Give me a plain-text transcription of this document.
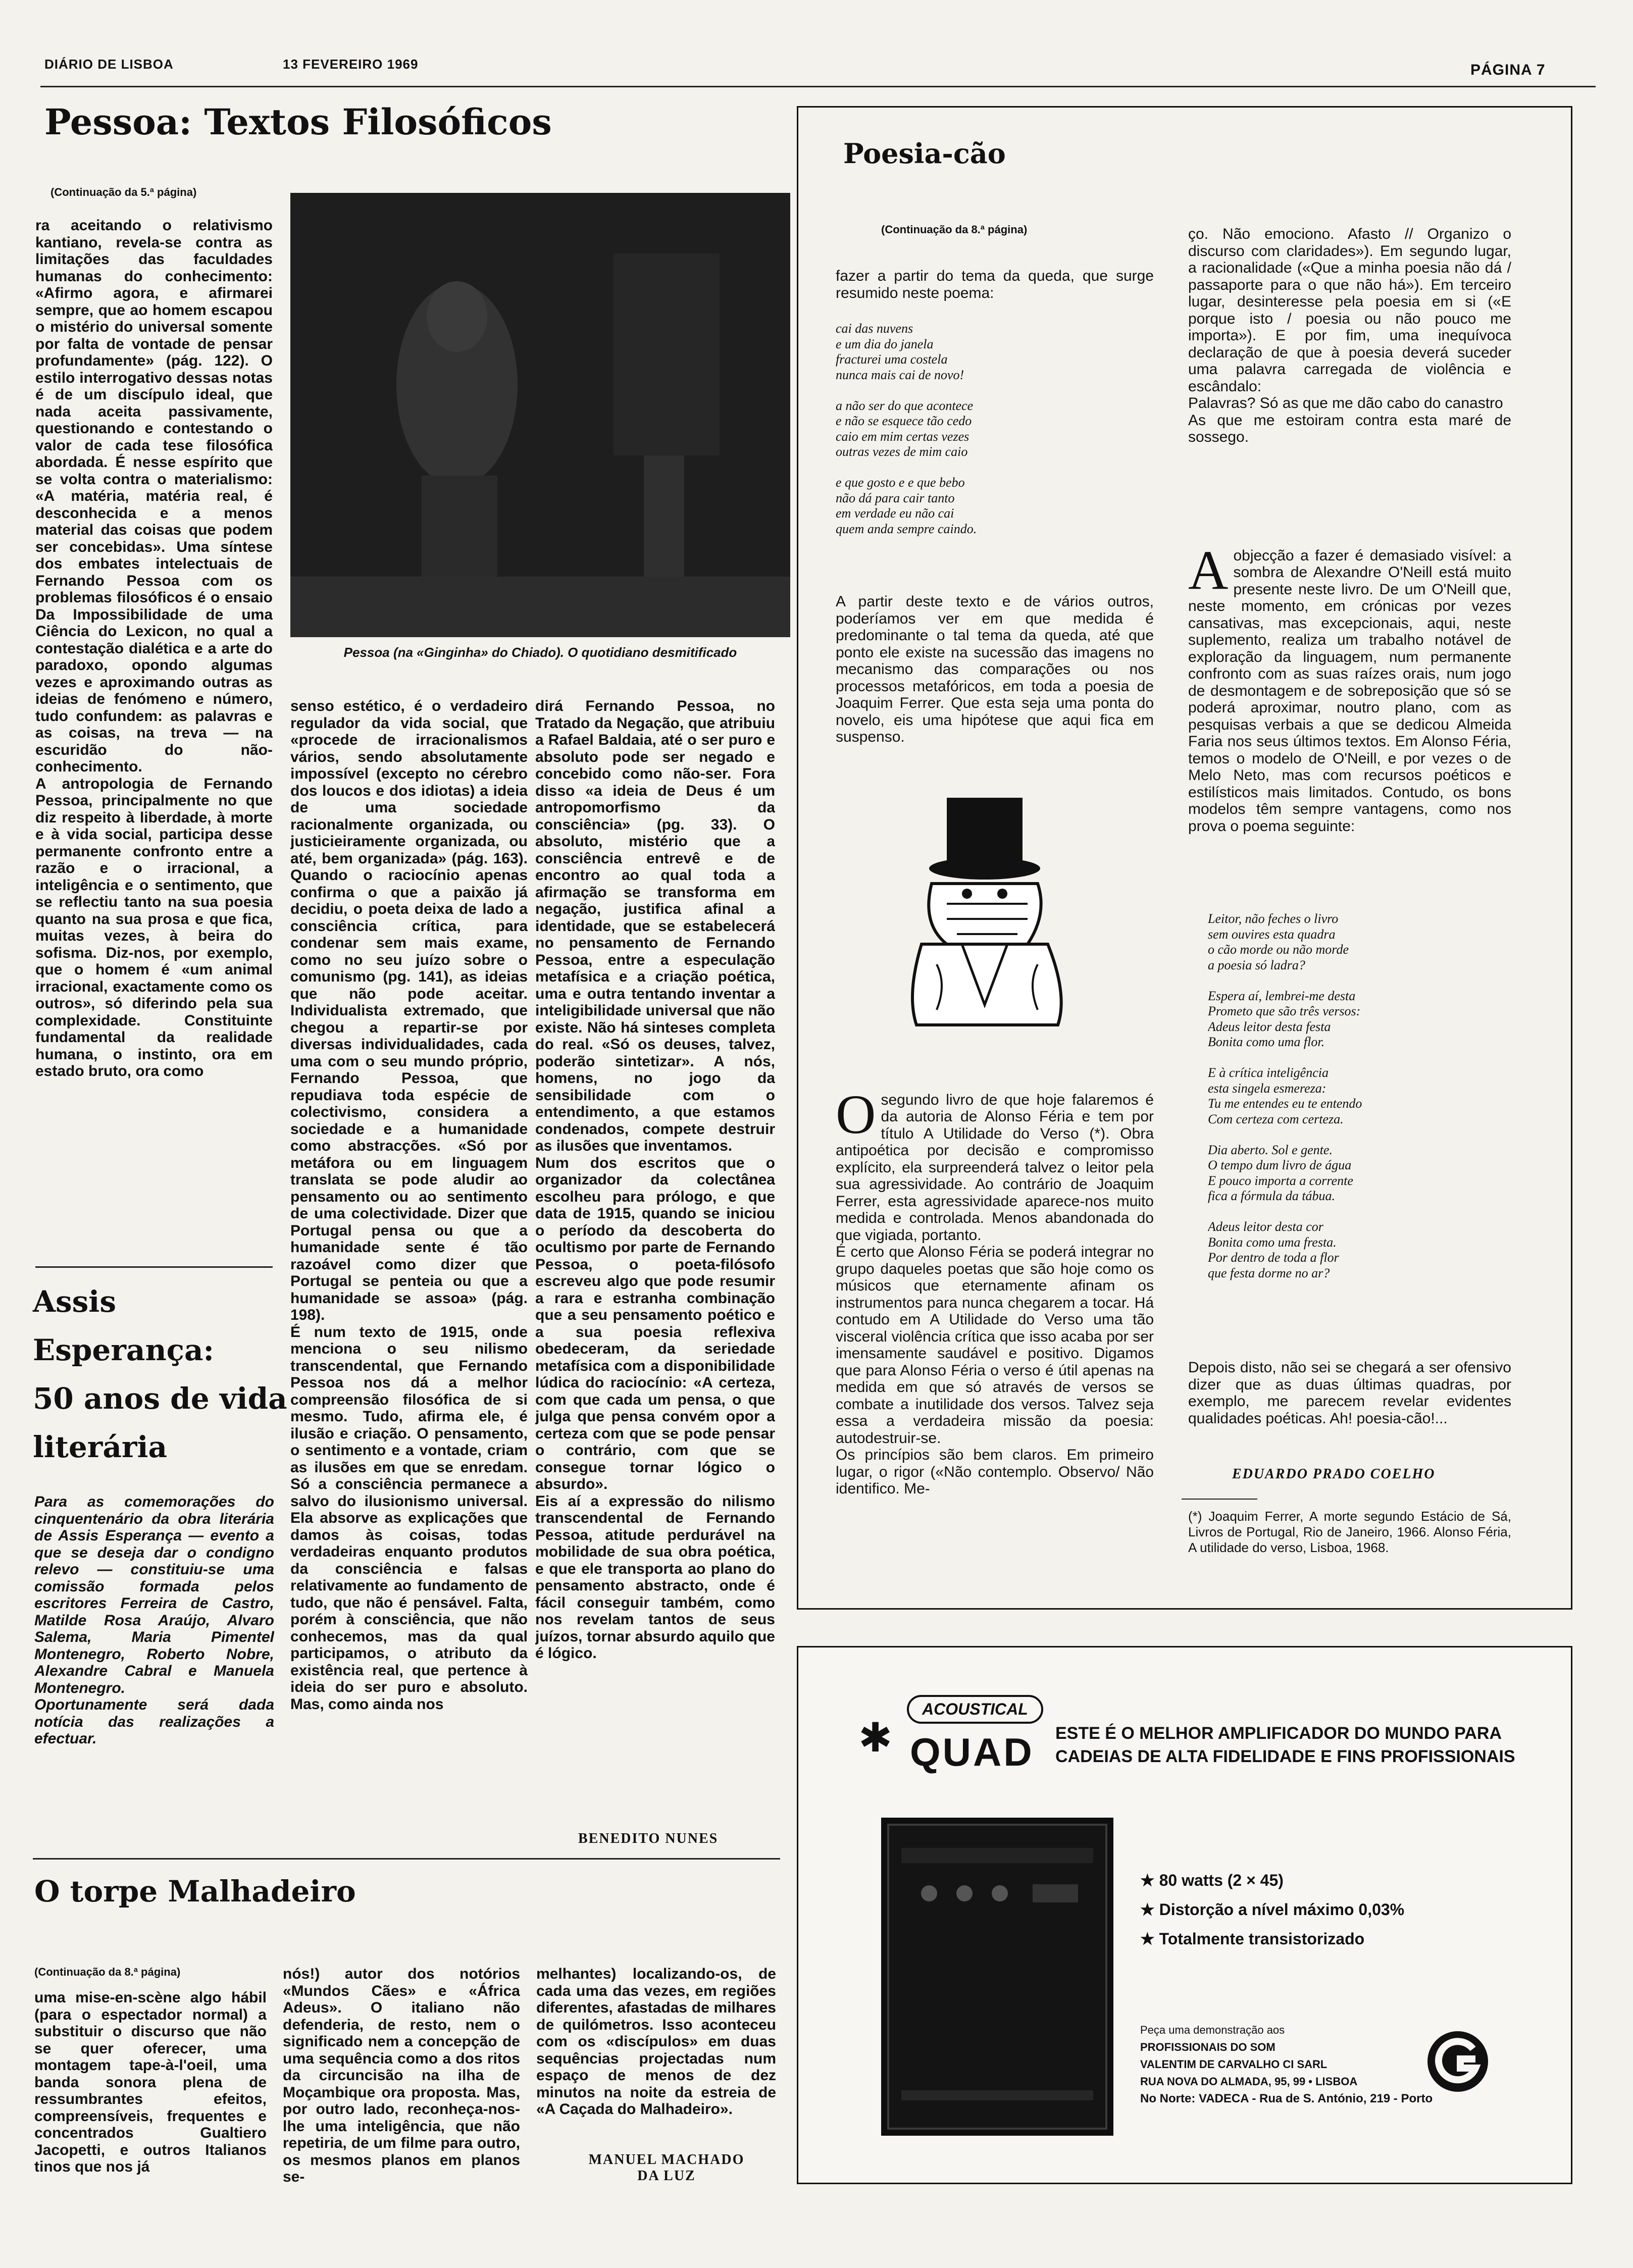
DIÁRIO DE LISBOA	13 FEVEREIRO 1969	PÁGINA 7
Pessoa: Textos Filosóficos
(Continuação da 5.ª página)
ra aceitando o relativismo kantiano, revela-se contra as limitações das faculdades humanas do conhecimento: «Afirmo agora, e afirmarei sempre, que ao homem escapou o mistério do universal somente por falta de vontade de pensar profundamente» (pág. 122). O estilo interrogativo dessas notas é de um discípulo ideal, que nada aceita passivamente, questionando e contestando o valor de cada tese filosófica abordada. É nesse espírito que se volta contra o materialismo: «A matéria, matéria real, é desconhecida e a menos material das coisas que podem ser concebidas». Uma síntese dos embates intelectuais de Fernando Pessoa com os problemas filosóficos é o ensaio Da Impossibilidade de uma Ciência do Lexicon, no qual a contestação dialética e a arte do paradoxo, opondo algumas vezes e aproximando outras as ideias de fenómeno e número, tudo confundem: as palavras e as coisas, na treva — na escuridão do não-conhecimento.
A antropologia de Fernando Pessoa, principalmente no que diz respeito à liberdade, à morte e à vida social, participa desse permanente confronto entre a razão e o irracional, a inteligência e o sentimento, que se reflectiu tanto na sua poesia quanto na sua prosa e que fica, muitas vezes, à beira do sofisma. Diz-nos, por exemplo, que o homem é «um animal irracional, exactamente como os outros», só diferindo pela sua complexidade. Constituinte fundamental da realidade humana, o instinto, ora em estado bruto, ora como
Pessoa (na «Ginginha» do Chiado). O quotidiano desmitificado
senso estético, é o verdadeiro regulador da vida social, que «procede de irracionalismos vários, sendo absolutamente impossível (excepto no cérebro dos loucos e dos idiotas) a ideia de uma sociedade racionalmente organizada, ou justicieiramente organizada, ou até, bem organizada» (pág. 163). Quando o raciocínio apenas confirma o que a paixão já decidiu, o poeta deixa de lado a consciência crítica, para condenar sem mais exame, como no seu juízo sobre o comunismo (pg. 141), as ideias que não pode aceitar. Individualista extremado, que chegou a repartir-se por diversas individualidades, cada uma com o seu mundo próprio, Fernando Pessoa, que repudiava toda espécie de colectivismo, considera a sociedade e a humanidade como abstracções. «Só por metáfora ou em linguagem translata se pode aludir ao pensamento ou ao sentimento de uma colectividade. Dizer que Portugal pensa ou que a humanidade sente é tão razoável como dizer que Portugal se penteia ou que a humanidade se assoa» (pág. 198).
É num texto de 1915, onde menciona o seu nilismo transcendental, que Fernando Pessoa nos dá a melhor compreensão filosófica de si mesmo. Tudo, afirma ele, é ilusão e criação. O pensamento, o sentimento e a vontade, criam as ilusões em que se enredam. Só a consciência permanece a salvo do ilusionismo universal. Ela absorve as explicações que damos às coisas, todas verdadeiras enquanto produtos da consciência e falsas relativamente ao fundamento de tudo, que não é pensável. Falta, porém à consciência, que não conhecemos, mas da qual participamos, o atributo da existência real, que pertence à ideia do ser puro e absoluto. Mas, como ainda nos
dirá Fernando Pessoa, no Tratado da Negação, que atribuiu a Rafael Baldaia, até o ser puro e absoluto pode ser negado e concebido como não-ser. Fora disso «a ideia de Deus é um antropomorfismo da consciência» (pg. 33). O absoluto, mistério que a consciência entrevê e de encontro ao qual toda a afirmação se transforma em negação, justifica afinal a identidade, que se estabelecerá no pensamento de Fernando Pessoa, entre a especulação metafísica e a criação poética, uma e outra tentando inventar a inteligibilidade universal que não existe. Não há sinteses completa do real. «Só os deuses, talvez, poderão sintetizar». A nós, homens, no jogo da sensibilidade com o entendimento, a que estamos condenados, compete destruir as ilusões que inventamos.
Num dos escritos que o organizador da colectânea escolheu para prólogo, e que data de 1915, quando se iniciou o período da descoberta do ocultismo por parte de Fernando Pessoa, o poeta-filósofo escreveu algo que pode resumir a rara e estranha combinação que a seu pensamento poético e a sua poesia reflexiva obedeceram, da seriedade metafísica com a disponibilidade lúdica do raciocínio: «A certeza, com que cada um pensa, o que julga que pensa convém opor a certeza com que se pode pensar o contrário, com que se consegue tornar lógico o absurdo».
Eis aí a expressão do nilismo transcendental de Fernando Pessoa, atitude perdurável na mobilidade de sua obra poética, e que ele transporta ao plano do pensamento abstracto, onde é fácil conseguir também, como nos revelam tantos de seus juízos, tornar absurdo aquilo que é lógico.
BENEDITO NUNES
Assis
Esperança:
50 anos de vida
literária
Para as comemorações do cinquentenário da obra literária de Assis Esperança — evento a que se deseja dar o condigno relevo — constituiu-se uma comissão formada pelos escritores Ferreira de Castro, Matilde Rosa Araújo, Alvaro Salema, Maria Pimentel Montenegro, Roberto Nobre, Alexandre Cabral e Manuela Montenegro.
Oportunamente será dada notícia das realizações a efectuar.
O torpe Malhadeiro
(Continuação da 8.ª página)
uma mise-en-scène algo hábil (para o espectador normal) a substituir o discurso que não se quer oferecer, uma montagem tape-à-l'oeil, uma banda sonora plena de ressumbrantes efeitos, compreensíveis, frequentes e concentrados Gualtiero Jacopetti, e outros Italianos tinos que nos já
nós!) autor dos notórios «Mundos Cães» e «África Adeus». O italiano não defenderia, de resto, nem o significado nem a concepção de uma sequência como a dos ritos da circuncisão na ilha de Moçambique ora proposta. Mas, por outro lado, reconheça-nos-lhe uma inteligência, que não repetiria, de um filme para outro, os mesmos planos em planos se-
melhantes) localizando-os, de cada uma das vezes, em regiões diferentes, afastadas de milhares de quilómetros. Isso aconteceu com os «discípulos» em duas sequências projectadas num espaço de menos de dez minutos na noite da estreia de «A Caçada do Malhadeiro».
MANUEL MACHADO
DA LUZ
Poesia-cão
(Continuação da 8.ª página)
fazer a partir do tema da queda, que surge resumido neste poema:
cai das nuvens
e um dia do janela
fracturei uma costela
nunca mais cai de novo!

a não ser do que acontece
e não se esquece tão cedo
caio em mim certas vezes
outras vezes de mim caio

e que gosto e e que bebo
não dá para cair tanto
em verdade eu não cai
quem anda sempre caindo.
A partir deste texto e de vários outros, poderíamos ver em que medida é predominante o tal tema da queda, até que ponto ele existe na sucessão das imagens no mecanismo das comparações ou nos processos metafóricos, em toda a poesia de Joaquim Ferrer. Que esta seja uma ponta do novelo, eis uma hipótese que aqui fica em suspenso.

Osegundo livro de que hoje falaremos é da autoria de Alonso Féria e tem por título A Utilidade do Verso (*). Obra antipoética por decisão e compromisso explícito, ela surpreenderá talvez o leitor pela sua agressividade. Ao contrário de Joaquim Ferrer, esta agressividade aparece-nos muito medida e controlada. Menos abandonada do que vigiada, portanto.
É certo que Alonso Féria se poderá integrar no grupo daqueles poetas que são hoje como os músicos que eternamente afinam os instrumentos para nunca chegarem a tocar. Há contudo em A Utilidade do Verso uma tão visceral violência crítica que isso acaba por ser imensamente saudável e positivo. Digamos que para Alonso Féria o verso é útil apenas na medida em que só através de versos se combate a inutilidade dos versos. Talvez seja essa a verdadeira missão da poesia: autodestruir-se.
Os princípios são bem claros. Em primeiro lugar, o rigor («Não contemplo. Observo/ Não identifico. Me-

ço. Não emociono. Afasto // Organizo o discurso com claridades»). Em segundo lugar, a racionalidade («Que a minha poesia não dá / passaporte para o que não há»). Em terceiro lugar, desinteresse pela poesia em si («E porque isto / poesia ou não pouco me importa»). E por fim, uma inequívoca declaração de que à poesia deverá suceder uma palavra carregada de violência e escândalo:
Palavras? Só as que me dão cabo do canastro
As que me estoiram contra esta maré de sossego.

Aobjecção a fazer é demasiado visível: a sombra de Alexandre O'Neill está muito presente neste livro. De um O'Neill que, neste momento, em crónicas por vezes cansativas, mas excepcionais, aqui, neste suplemento, realiza um trabalho notável de exploração da linguagem, num permanente confronto com as suas raízes orais, num jogo de desmontagem e de sobreposição que só se poderá aproximar, noutro plano, com as pesquisas verbais a que se dedicou Almeida Faria nos seus últimos textos. Em Alonso Féria, temos o modelo de O'Neill, e por vezes o de Melo Neto, mas com recursos poéticos e estilísticos mais limitados. Contudo, os bons modelos têm sempre vantagens, como nos prova o poema seguinte:

Leitor, não feches o livro
sem ouvires esta quadra
o cão morde ou não morde
a poesia só ladra?

Espera aí, lembrei-me desta
Prometo que são três versos:
Adeus leitor desta festa
Bonita como uma flor.

E à crítica inteligência
esta singela esmereza:
Tu me entendes eu te entendo
Com certeza com certeza.

Dia aberto. Sol e gente.
O tempo dum livro de água
E pouco importa a corrente
fica a fórmula da tábua.

Adeus leitor desta cor
Bonita como uma fresta.
Por dentro de toda a flor
que festa dorme no ar?
Depois disto, não sei se chegará a ser ofensivo dizer que as duas últimas quadras, por exemplo, me parecem revelar evidentes qualidades poéticas. Ah! poesia-cão!...
EDUARDO PRADO COELHO
(*) Joaquim Ferrer, A morte segundo Estácio de Sá, Livros de Portugal, Rio de Janeiro, 1966. Alonso Féria, A utilidade do verso, Lisboa, 1968.
✱
ACOUSTICAL
QUAD ESTE É O MELHOR AMPLIFICADOR DO MUNDO PARA CADEIAS DE ALTA FIDELIDADE E FINS PROFISSIONAIS
★ 80 watts (2 × 45)
★ Distorção a nível máximo 0,03%
★ Totalmente transistorizado
Peça uma demonstração aos
PROFISSIONAIS DO SOM
VALENTIM DE CARVALHO CI SARL
RUA NOVA DO ALMADA, 95, 99 • LISBOA
No Norte: VADECA - Rua de S. António, 219 - Porto
